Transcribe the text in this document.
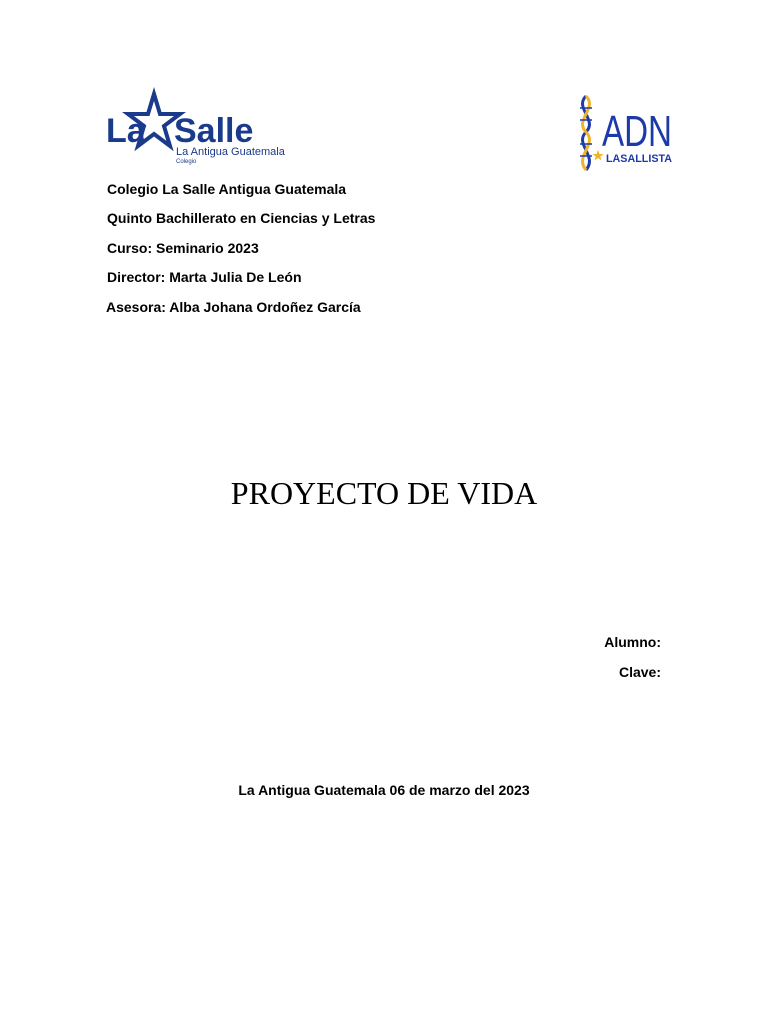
La Salle
La Antigua Guatemala
Colegio
ADN
LASALLISTA
Colegio La Salle Antigua Guatemala
Quinto Bachillerato en Ciencias y Letras
Curso: Seminario 2023
Director: Marta Julia De León
Asesora: Alba Johana Ordoñez García
PROYECTO DE VIDA
Alumno:
Clave:
La Antigua Guatemala 06 de marzo del 2023
